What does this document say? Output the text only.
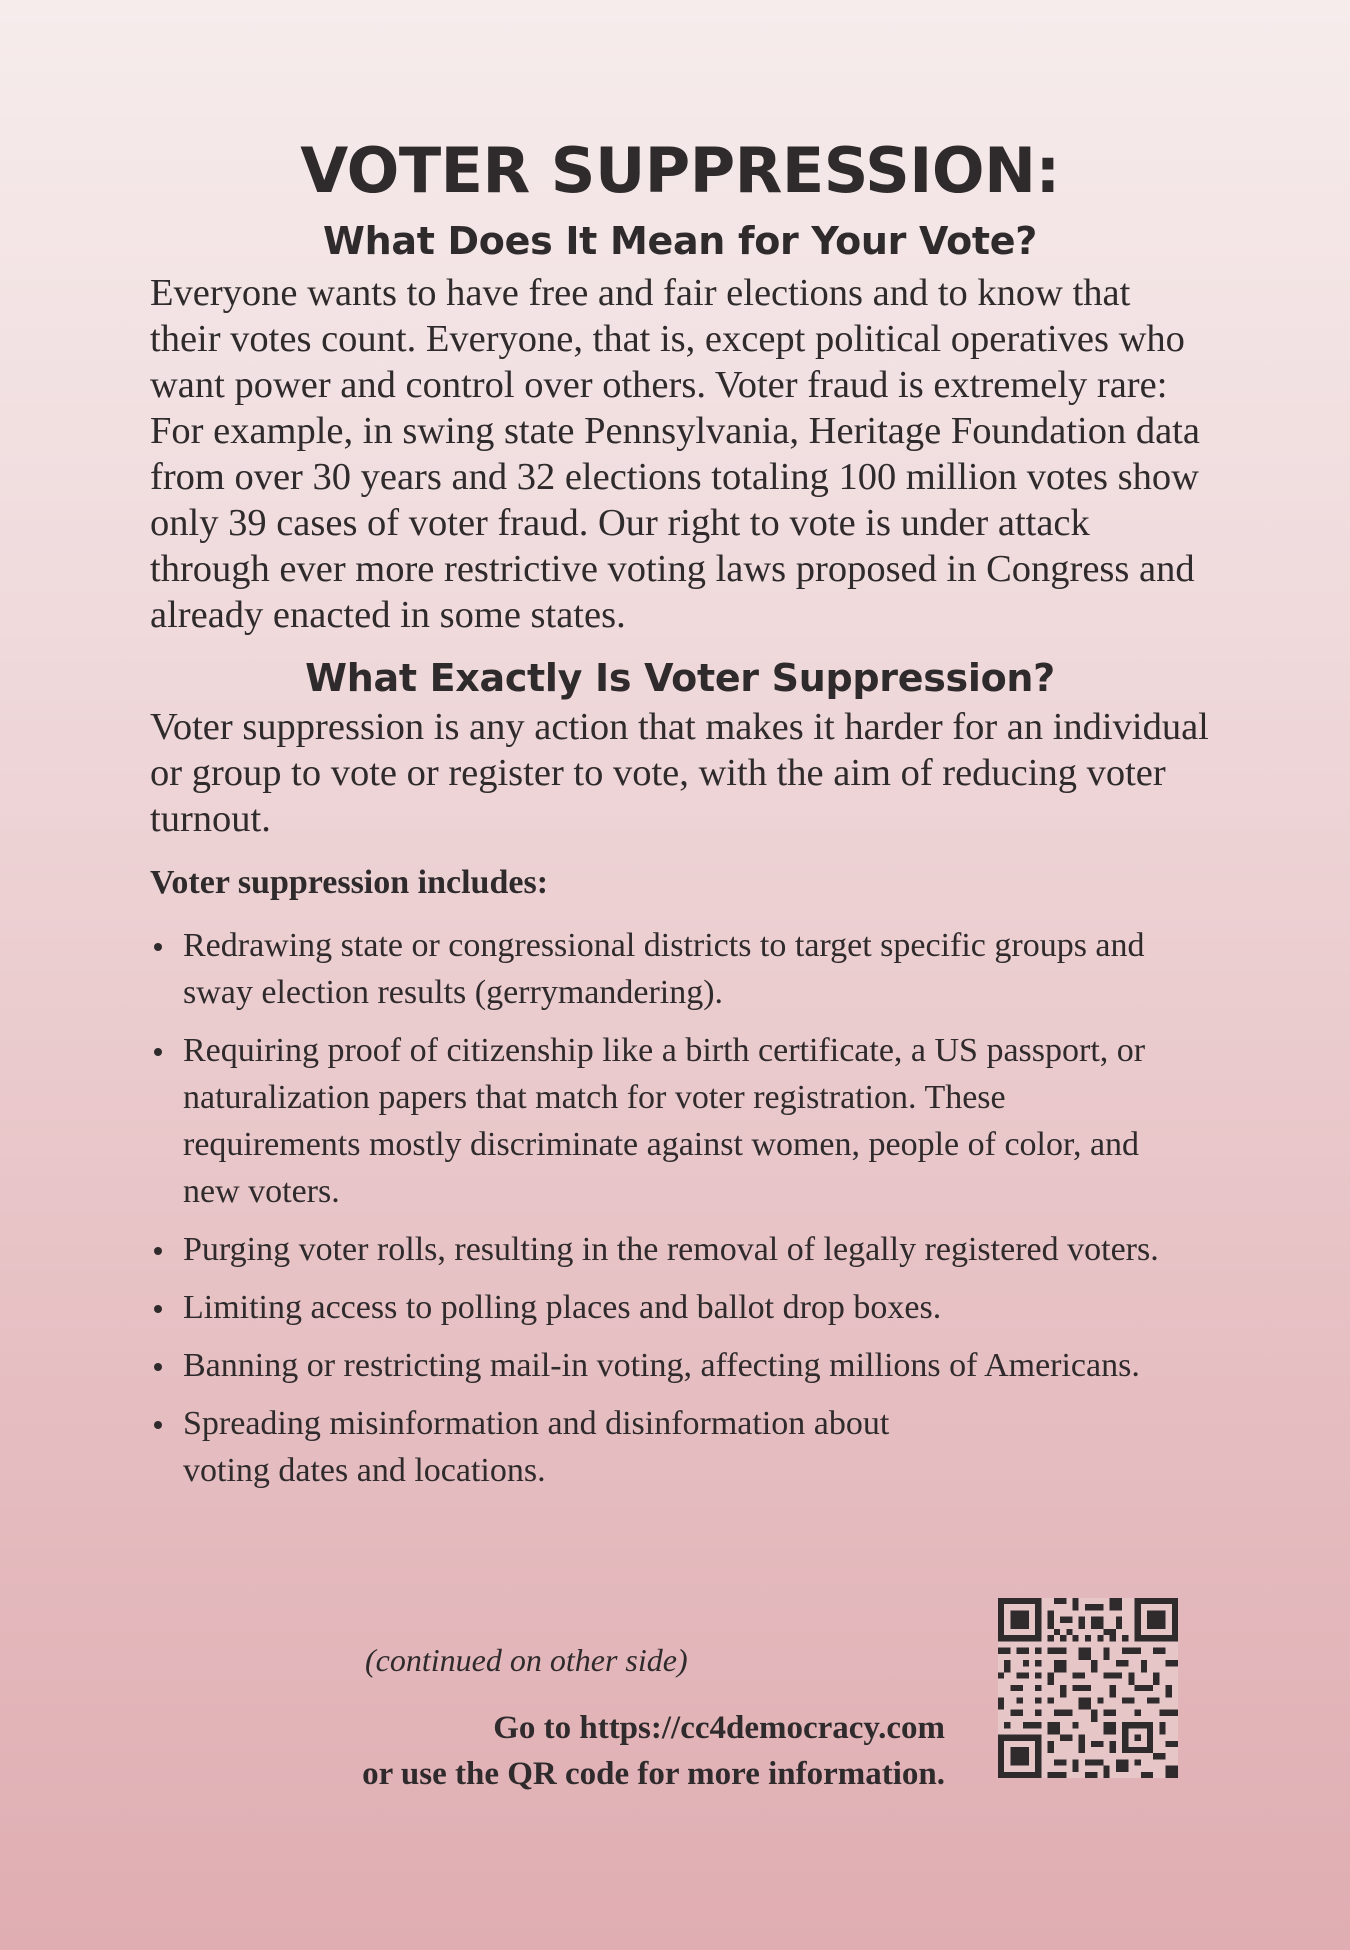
VOTER SUPPRESSION:
What Does It Mean for Your Vote?

Everyone wants to have free and fair elections and to know that their votes count. Everyone, that is, except political operatives who want power and control over others. Voter fraud is extremely rare: For example, in swing state Pennsylvania, Heritage Foundation data from over 30 years and 32 elections totaling 100 million votes show only 39 cases of voter fraud. Our right to vote is under attack through ever more restrictive voting laws proposed in Congress and already enacted in some states.

What Exactly Is Voter Suppression?

Voter suppression is any action that makes it harder for an individual or group to vote or register to vote, with the aim of reducing voter turnout.

Voter suppression includes:

Redrawing state or congressional districts to target specific groups and sway election results (gerrymandering).
Requiring proof of citizenship like a birth certificate, a US passport, or naturalization papers that match for voter registration. These requirements mostly discriminate against women, people of color, and new voters.
Purging voter rolls, resulting in the removal of legally registered voters.
Limiting access to polling places and ballot drop boxes.
Banning or restricting mail-in voting, affecting millions of Americans.
Spreading misinformation and disinformation about voting dates and locations.
(continued on other side)
Go to https://cc4democracy.com
or use the QR code for more information.
